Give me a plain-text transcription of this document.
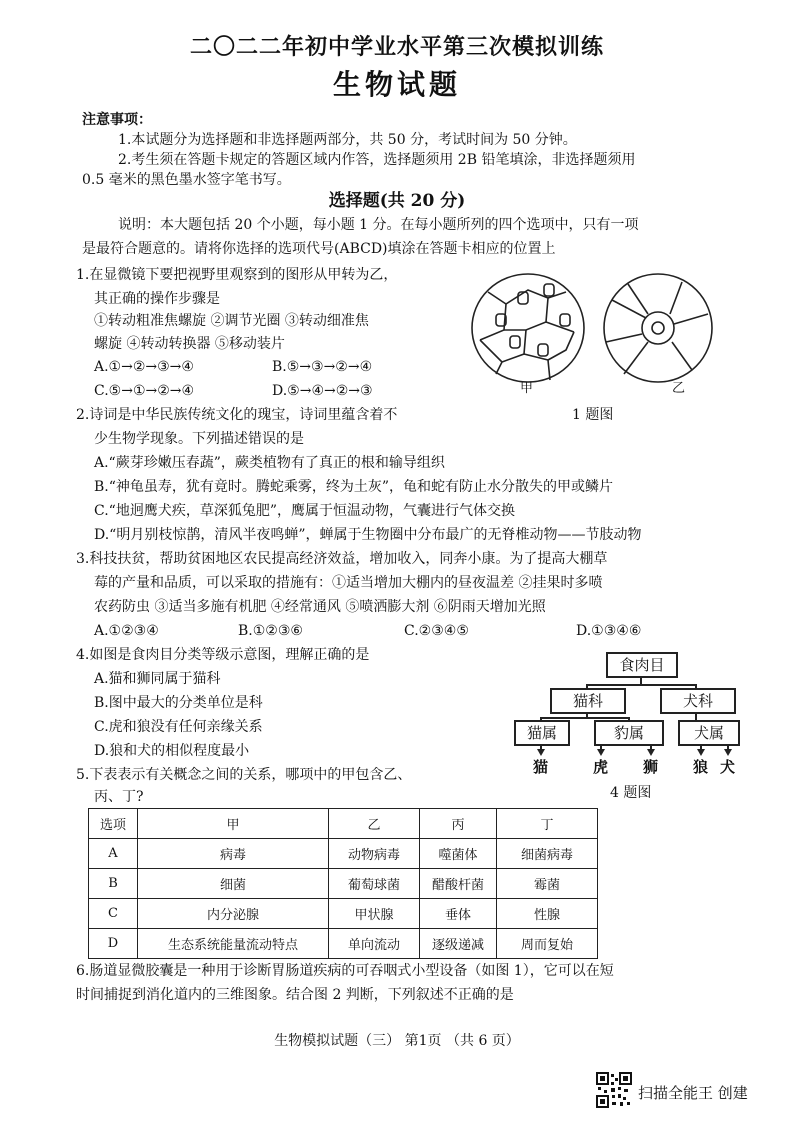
二〇二二年初中学业水平第三次模拟训练
生物试题
注意事项：
1.本试题分为选择题和非选择题两部分，共 50 分，考试时间为 50 分钟。
2.考生须在答题卡规定的答题区域内作答，选择题须用 2B 铅笔填涂，非选择题须用
0.5 毫米的黑色墨水签字笔书写。
选择题(共 20 分)
说明：本大题包括 20 个小题，每小题 1 分。在每小题所列的四个选项中，只有一项
是最符合题意的。请将你选择的选项代号(ABCD)填涂在答题卡相应的位置上
1.在显微镜下要把视野里观察到的图形从甲转为乙，
其正确的操作步骤是
①转动粗准焦螺旋 ②调节光圈 ③转动细准焦
螺旋 ④转动转换器 ⑤移动装片
A.①→②→③→④	B.⑤→③→②→④
C.⑤→①→②→④	D.⑤→④→②→③	甲	乙
1 题图
2.诗词是中华民族传统文化的瑰宝，诗词里蕴含着不
少生物学现象。下列描述错误的是
A.“蕨芽珍嫩压春蔬”，蕨类植物有了真正的根和输导组织
B.“神龟虽寿，犹有竟时。腾蛇乘雾，终为土灰”，龟和蛇有防止水分散失的甲或鳞片
C.“地迥鹰犬疾，草深狐兔肥”，鹰属于恒温动物，气囊进行气体交换
D.“明月别枝惊鹊，清风半夜鸣蝉”，蝉属于生物圈中分布最广的无脊椎动物——节肢动物
3.科技扶贫，帮助贫困地区农民提高经济效益，增加收入，同奔小康。为了提高大棚草
莓的产量和品质，可以采取的措施有：①适当增加大棚内的昼夜温差 ②挂果时多喷
农药防虫 ③适当多施有机肥 ④经常通风 ⑤喷洒膨大剂 ⑥阴雨天增加光照
A.①②③④	B.①②③⑥	C.②③④⑤	D.①③④⑥
4.如图是食肉目分类等级示意图，理解正确的是
A.猫和狮同属于猫科
B.图中最大的分类单位是科
C.虎和狼没有任何亲缘关系
D.狼和犬的相似程度最小
食肉目
猫科	犬科
猫属	豹属	犬属
猫	虎 狮 狼 犬
4 题图
5.下表表示有关概念之间的关系，哪项中的甲包含乙、
丙、丁?
选项	甲	乙	丙	丁
A	病毒	动物病毒	噬菌体	细菌病毒
B	细菌	葡萄球菌	醋酸杆菌	霉菌
C	内分泌腺	甲状腺	垂体	性腺
D	生态系统能量流动特点	单向流动	逐级递减	周而复始
6.肠道显微胶囊是一种用于诊断胃肠道疾病的可吞咽式小型设备（如图 1），它可以在短
时间捕捉到消化道内的三维图象。结合图 2 判断，下列叙述不正确的是
生物模拟试题（三） 第1页 （共 6 页）
扫描全能王 创建
